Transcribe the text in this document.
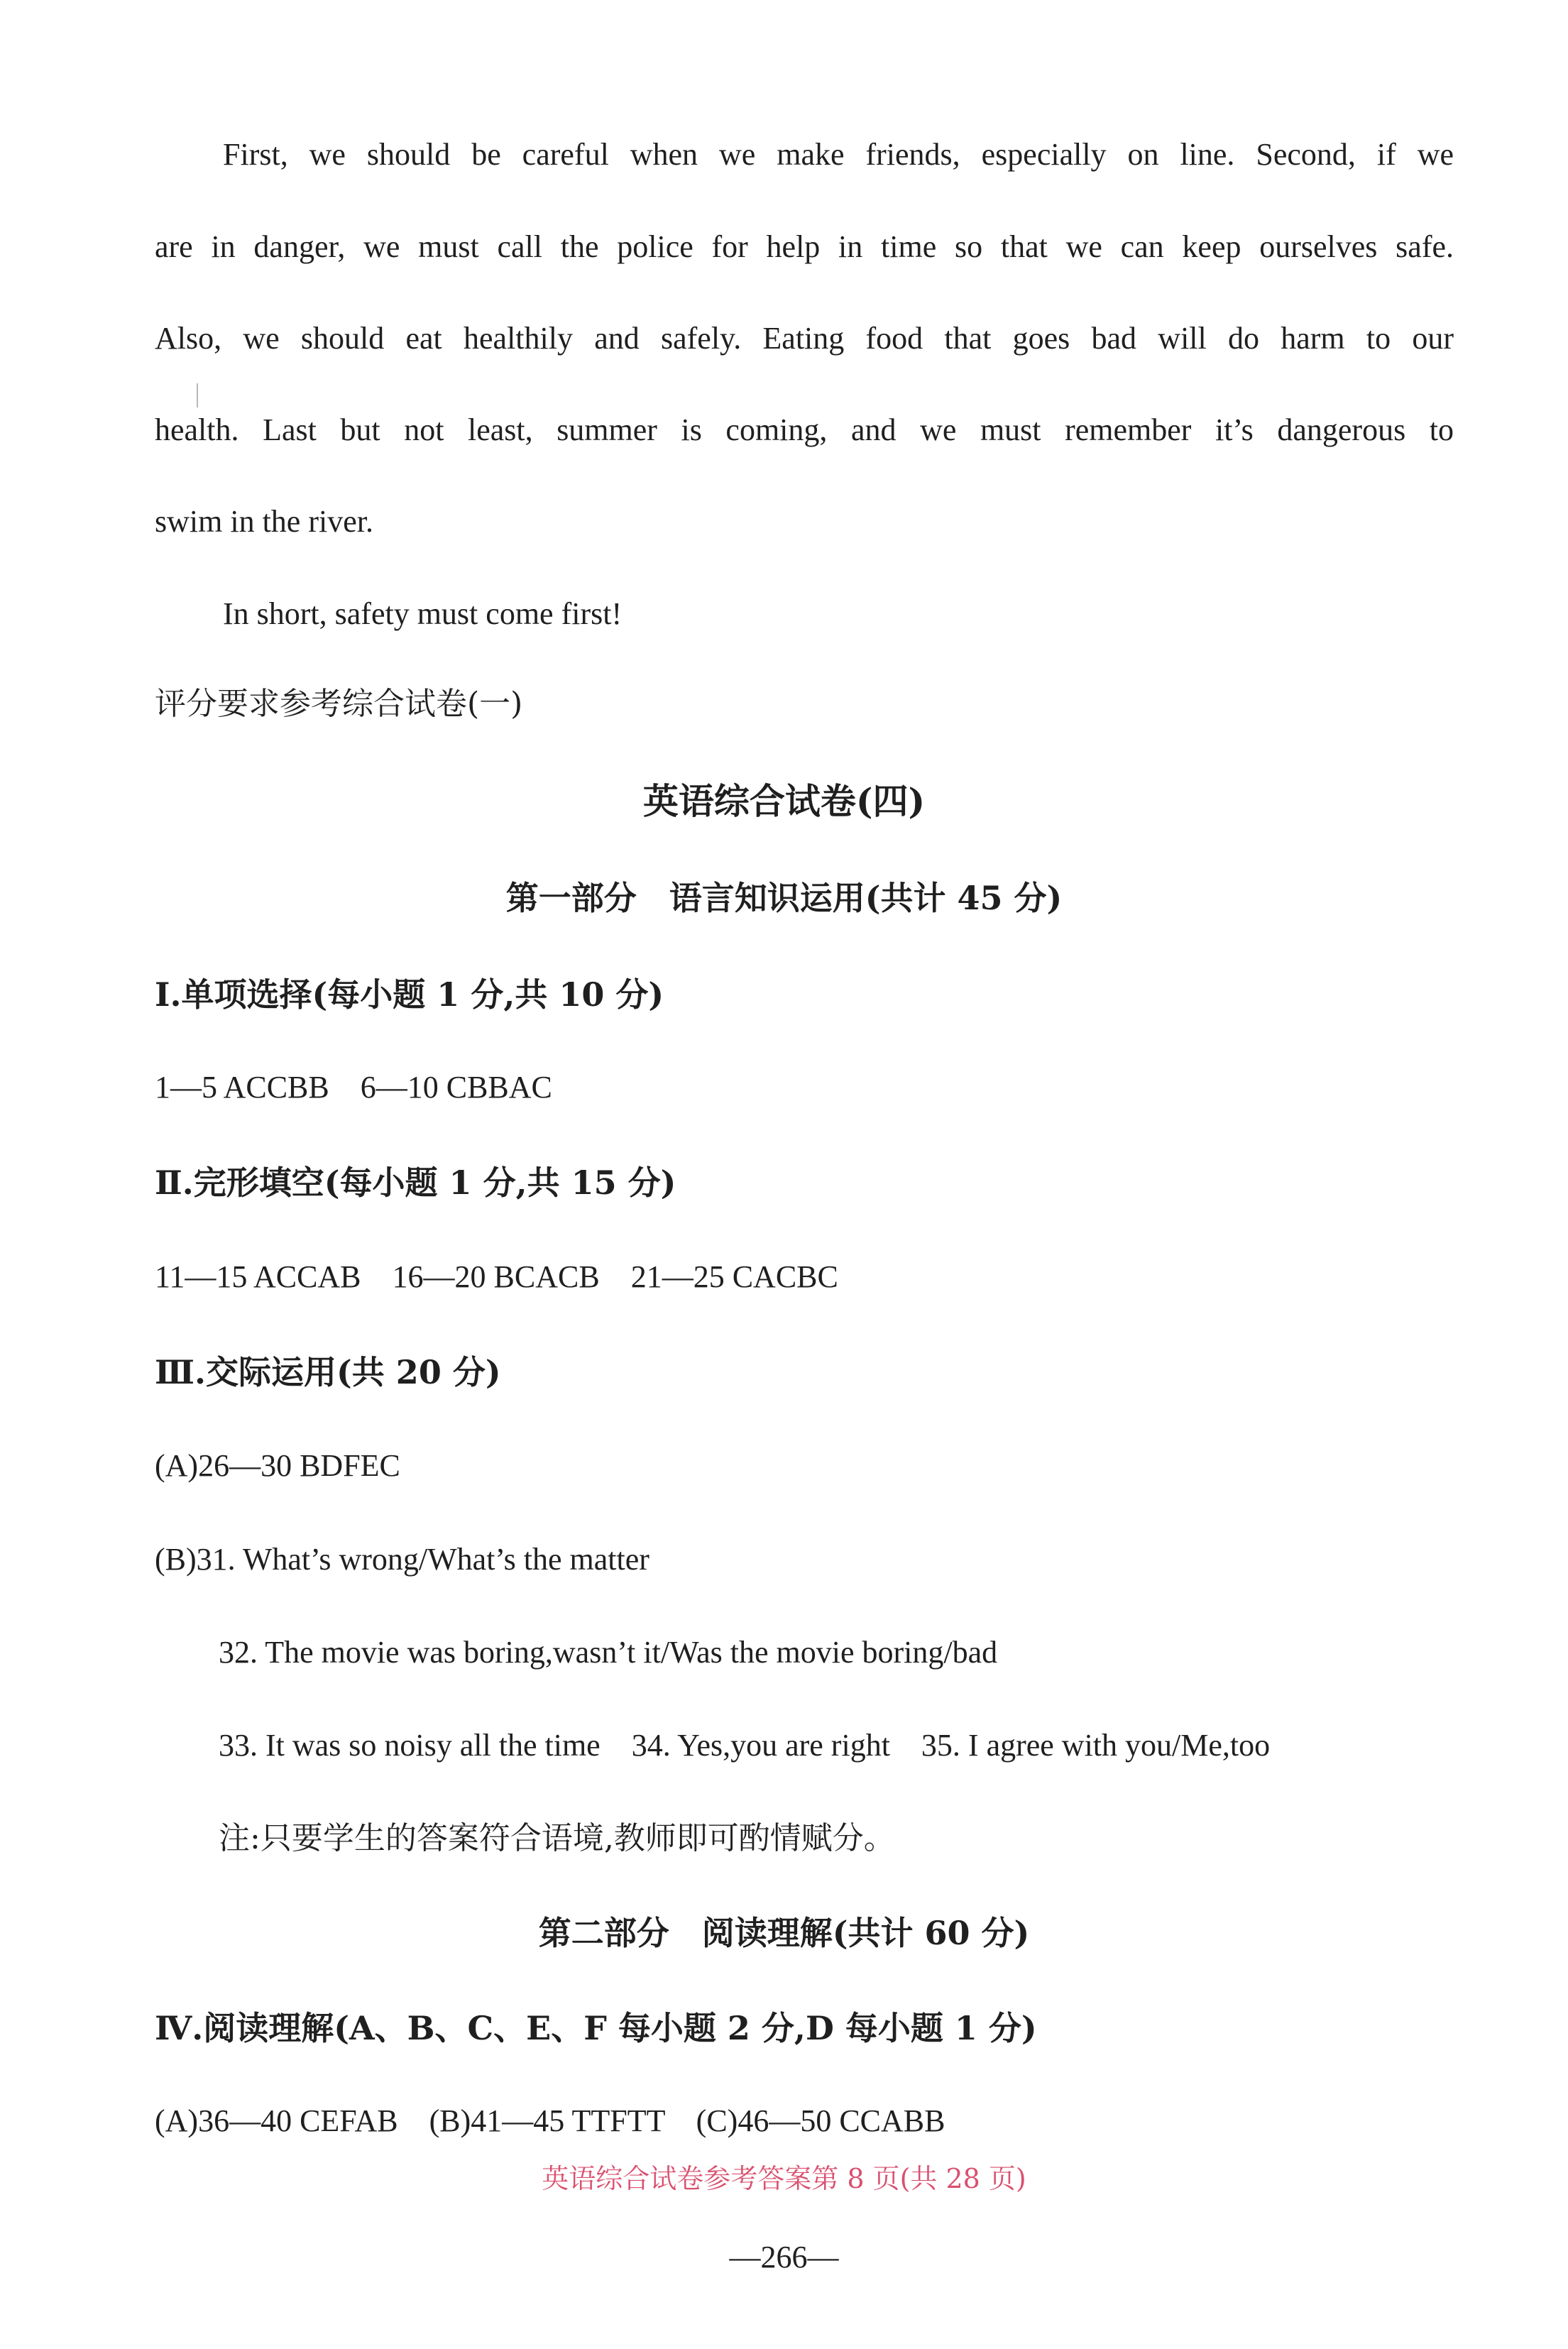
First, we should be careful when we make friends, especially on line. Second, if we
are in danger, we must call the police for help in time so that we can keep ourselves safe.
Also, we should eat healthily and safely. Eating food that goes bad will do harm to our
health. Last but not least, summer is coming, and we must remember it’s dangerous to
swim in the river.
In short, safety must come first!
评分要求参考综合试卷(一)
英语综合试卷(四)
第一部分　语言知识运用(共计 45 分)
Ⅰ.单项选择(每小题 1 分,共 10 分)
1—5 ACCBB　6—10 CBBAC
Ⅱ.完形填空(每小题 1 分,共 15 分)
11—15 ACCAB　16—20 BCACB　21—25 CACBC
Ⅲ.交际运用(共 20 分)
(A)26—30 BDFEC
(B)31. What’s wrong/What’s the matter
32. The movie was boring,wasn’t it/Was the movie boring/bad
33. It was so noisy all the time　34. Yes,you are right　35. I agree with you/Me,too
注:只要学生的答案符合语境,教师即可酌情赋分。
第二部分　阅读理解(共计 60 分)
Ⅳ.阅读理解(A、B、C、E、F 每小题 2 分,D 每小题 1 分)
(A)36—40 CEFAB　(B)41—45 TTFTT　(C)46—50 CCABB
英语综合试卷参考答案第 8 页(共 28 页)
—266—
